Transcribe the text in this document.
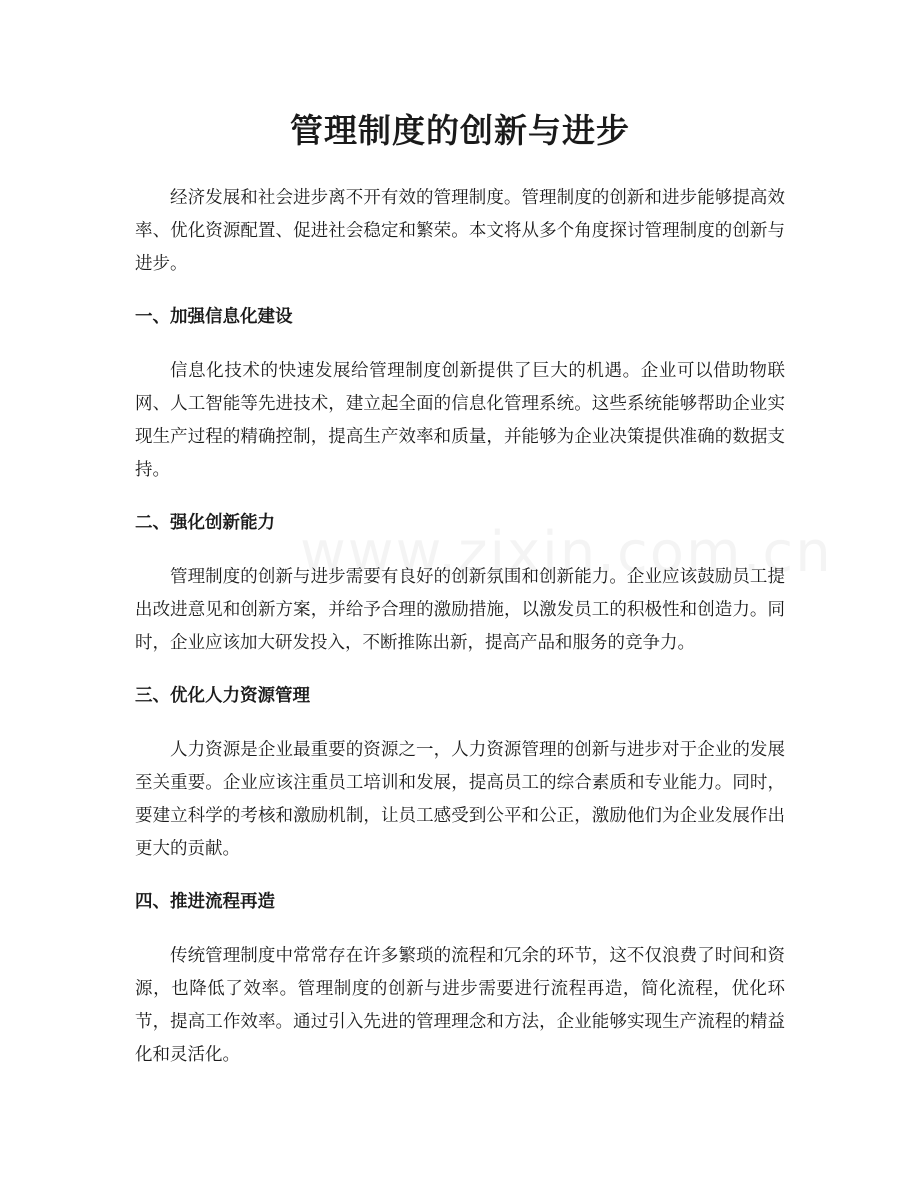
管理制度的创新与进步

经济发展和社会进步离不开有效的管理制度。管理制度的创新和进步能够提高效率、优化资源配置、促进社会稳定和繁荣。本文将从多个角度探讨管理制度的创新与进步。

一、加强信息化建设

信息化技术的快速发展给管理制度创新提供了巨大的机遇。企业可以借助物联网、人工智能等先进技术，建立起全面的信息化管理系统。这些系统能够帮助企业实现生产过程的精确控制，提高生产效率和质量，并能够为企业决策提供准确的数据支持。

二、强化创新能力

管理制度的创新与进步需要有良好的创新氛围和创新能力。企业应该鼓励员工提出改进意见和创新方案，并给予合理的激励措施，以激发员工的积极性和创造力。同时，企业应该加大研发投入，不断推陈出新，提高产品和服务的竞争力。

三、优化人力资源管理

人力资源是企业最重要的资源之一，人力资源管理的创新与进步对于企业的发展至关重要。企业应该注重员工培训和发展，提高员工的综合素质和专业能力。同时，要建立科学的考核和激励机制，让员工感受到公平和公正，激励他们为企业发展作出更大的贡献。

四、推进流程再造

传统管理制度中常常存在许多繁琐的流程和冗余的环节，这不仅浪费了时间和资源，也降低了效率。管理制度的创新与进步需要进行流程再造，简化流程，优化环节，提高工作效率。通过引入先进的管理理念和方法，企业能够实现生产流程的精益化和灵活化。
